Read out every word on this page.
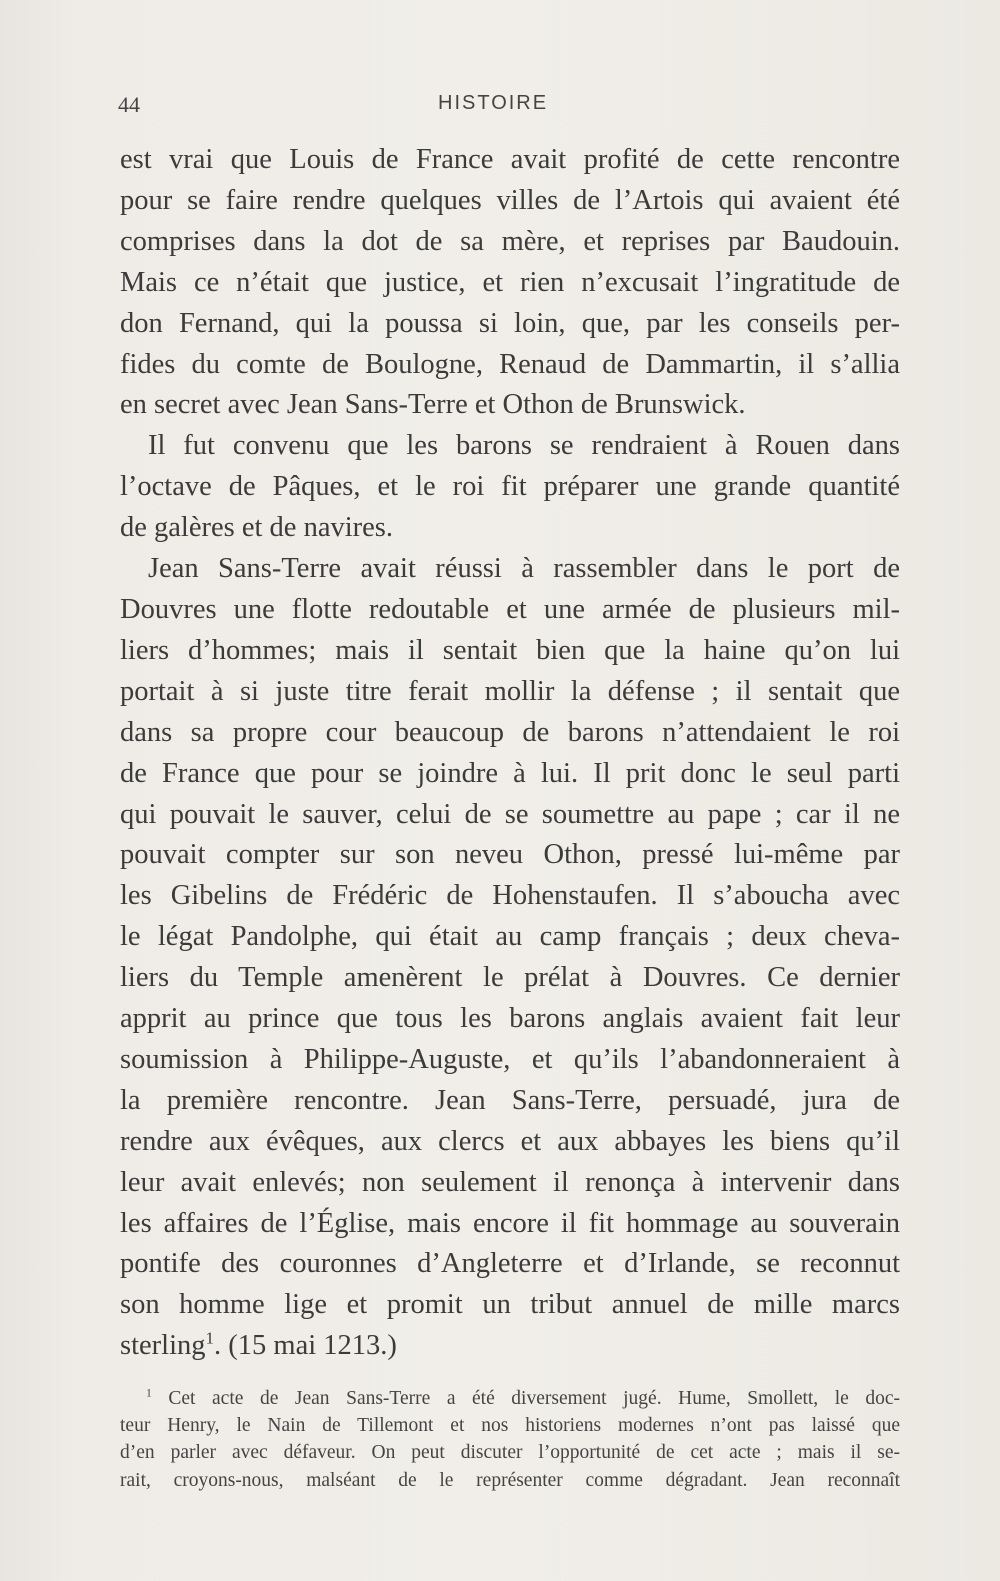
44	HISTOIRE

est vrai que Louis de France avait profité de cette rencontre
pour se faire rendre quelques villes de l’Artois qui avaient été
comprises dans la dot de sa mère, et reprises par Baudouin.
Mais ce n’était que justice, et rien n’excusait l’ingratitude de
don Fernand, qui la poussa si loin, que, par les conseils per-
fides du comte de Boulogne, Renaud de Dammartin, il s’allia
en secret avec Jean Sans-Terre et Othon de Brunswick.

Il fut convenu que les barons se rendraient à Rouen dans
l’octave de Pâques, et le roi fit préparer une grande quantité
de galères et de navires.

Jean Sans-Terre avait réussi à rassembler dans le port de
Douvres une flotte redoutable et une armée de plusieurs mil-
liers d’hommes; mais il sentait bien que la haine qu’on lui
portait à si juste titre ferait mollir la défense ; il sentait que
dans sa propre cour beaucoup de barons n’attendaient le roi
de France que pour se joindre à lui. Il prit donc le seul parti
qui pouvait le sauver, celui de se soumettre au pape ; car il ne
pouvait compter sur son neveu Othon, pressé lui-même par
les Gibelins de Frédéric de Hohenstaufen. Il s’aboucha avec
le légat Pandolphe, qui était au camp français ; deux cheva-
liers du Temple amenèrent le prélat à Douvres. Ce dernier
apprit au prince que tous les barons anglais avaient fait leur
soumission à Philippe-Auguste, et qu’ils l’abandonneraient à
la première rencontre. Jean Sans-Terre, persuadé, jura de
rendre aux évêques, aux clercs et aux abbayes les biens qu’il
leur avait enlevés; non seulement il renonça à intervenir dans
les affaires de l’Église, mais encore il fit hommage au souverain
pontife des couronnes d’Angleterre et d’Irlande, se reconnut
son homme lige et promit un tribut annuel de mille marcs
sterling$^1$. (15 mai 1213.)

$^1$ Cet acte de Jean Sans-Terre a été diversement jugé. Hume, Smollett, le doc-
teur Henry, le Nain de Tillemont et nos historiens modernes n’ont pas laissé que
d’en parler avec défaveur. On peut discuter l’opportunité de cet acte ; mais il se-
rait, croyons-nous, malséant de le représenter comme dégradant. Jean reconnaît
